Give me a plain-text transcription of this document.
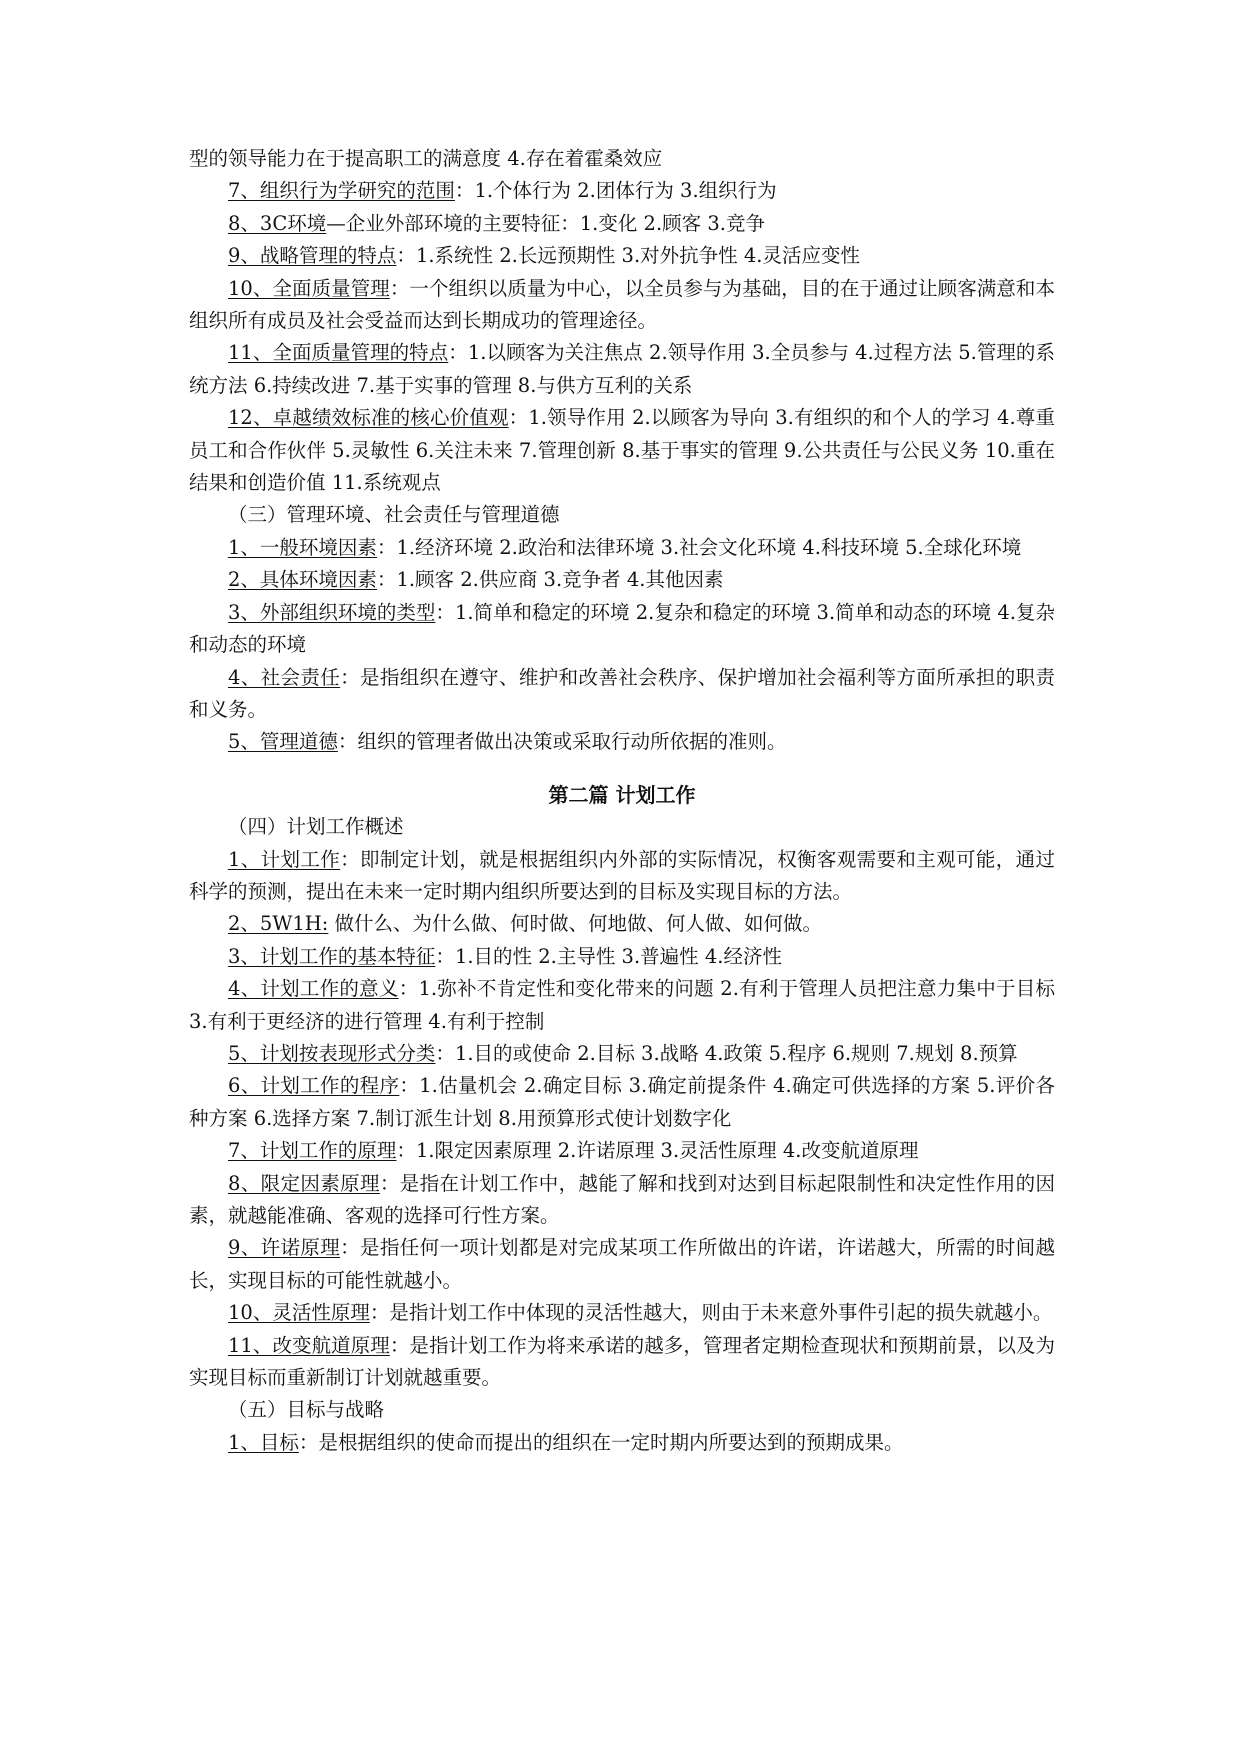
型的领导能力在于提高职工的满意度 4.存在着霍桑效应

7、组织行为学研究的范围：1.个体行为 2.团体行为 3.组织行为

8、3C环境—企业外部环境的主要特征：1.变化 2.顾客 3.竞争

9、战略管理的特点：1.系统性 2.长远预期性 3.对外抗争性 4.灵活应变性

10、全面质量管理：一个组织以质量为中心，以全员参与为基础，目的在于通过让顾客满意和本组织所有成员及社会受益而达到长期成功的管理途径。

11、全面质量管理的特点：1.以顾客为关注焦点 2.领导作用 3.全员参与 4.过程方法 5.管理的系统方法 6.持续改进 7.基于实事的管理 8.与供方互利的关系

12、卓越绩效标准的核心价值观：1.领导作用 2.以顾客为导向 3.有组织的和个人的学习 4.尊重员工和合作伙伴 5.灵敏性 6.关注未来 7.管理创新 8.基于事实的管理 9.公共责任与公民义务 10.重在结果和创造价值 11.系统观点

（三）管理环境、社会责任与管理道德

1、一般环境因素：1.经济环境 2.政治和法律环境 3.社会文化环境 4.科技环境 5.全球化环境

2、具体环境因素：1.顾客 2.供应商 3.竞争者 4.其他因素

3、外部组织环境的类型：1.简单和稳定的环境 2.复杂和稳定的环境 3.简单和动态的环境 4.复杂和动态的环境

4、社会责任：是指组织在遵守、维护和改善社会秩序、保护增加社会福利等方面所承担的职责和义务。

5、管理道德：组织的管理者做出决策或采取行动所依据的准则。

第二篇 计划工作

（四）计划工作概述

1、计划工作：即制定计划，就是根据组织内外部的实际情况，权衡客观需要和主观可能，通过科学的预测，提出在未来一定时期内组织所要达到的目标及实现目标的方法。

2、5W1H: 做什么、为什么做、何时做、何地做、何人做、如何做。

3、计划工作的基本特征：1.目的性 2.主导性 3.普遍性 4.经济性

4、计划工作的意义：1.弥补不肯定性和变化带来的问题 2.有利于管理人员把注意力集中于目标 3.有利于更经济的进行管理 4.有利于控制

5、计划按表现形式分类：1.目的或使命 2.目标 3.战略 4.政策 5.程序 6.规则 7.规划 8.预算

6、计划工作的程序：1.估量机会 2.确定目标 3.确定前提条件 4.确定可供选择的方案 5.评价各种方案 6.选择方案 7.制订派生计划 8.用预算形式使计划数字化

7、计划工作的原理：1.限定因素原理 2.许诺原理 3.灵活性原理 4.改变航道原理

8、限定因素原理：是指在计划工作中，越能了解和找到对达到目标起限制性和决定性作用的因素，就越能准确、客观的选择可行性方案。

9、许诺原理：是指任何一项计划都是对完成某项工作所做出的许诺，许诺越大，所需的时间越长，实现目标的可能性就越小。

10、灵活性原理：是指计划工作中体现的灵活性越大，则由于未来意外事件引起的损失就越小。

11、改变航道原理：是指计划工作为将来承诺的越多，管理者定期检查现状和预期前景，以及为实现目标而重新制订计划就越重要。

（五）目标与战略

1、目标：是根据组织的使命而提出的组织在一定时期内所要达到的预期成果。
